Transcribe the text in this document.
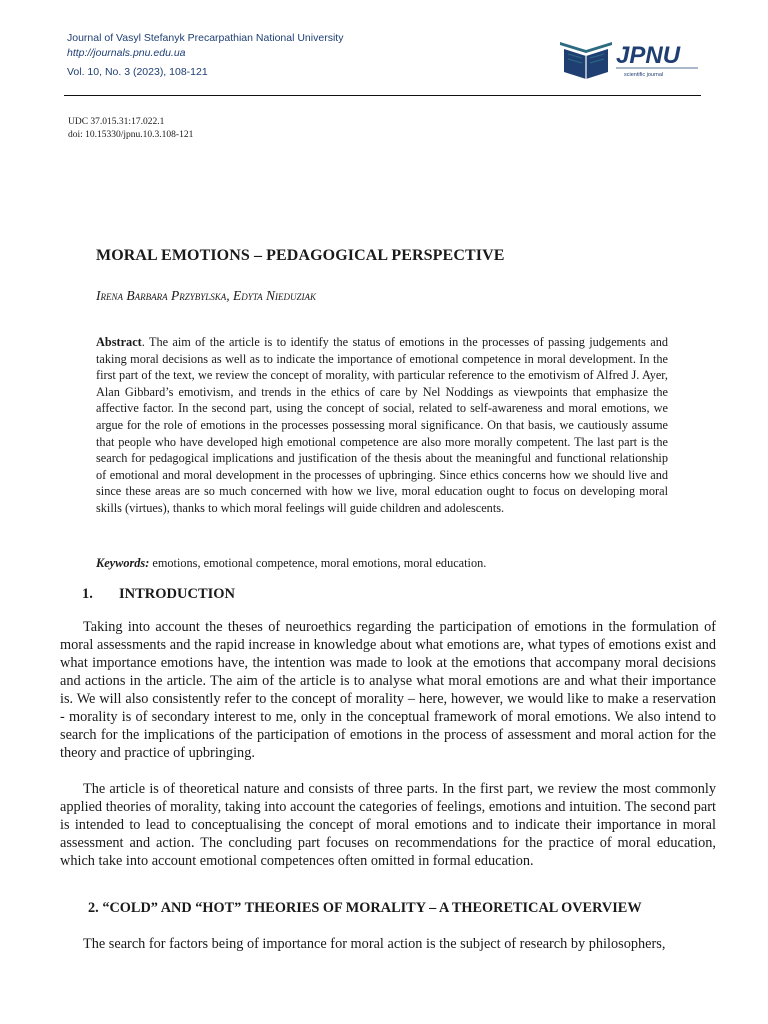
Journal of Vasyl Stefanyk Precarpathian National University
http://journals.pnu.edu.ua
Vol. 10, No. 3 (2023), 108-121
JPNU
scientific journal
UDC 37.015.31:17.022.1
doi: 10.15330/jpnu.10.3.108-121
MORAL EMOTIONS – PEDAGOGICAL PERSPECTIVE
Irena Barbara Przybylska, Edyta Nieduziak

Abstract. The aim of the article is to identify the status of emotions in the processes of passing judgements and taking moral decisions as well as to indicate the importance of emotional competence in moral development. In the first part of the text, we review the concept of morality, with particular reference to the emotivism of Alfred J. Ayer, Alan Gibbard’s emotivism, and trends in the ethics of care by Nel Noddings as viewpoints that emphasize the affective factor. In the second part, using the concept of social, related to self-awareness and moral emotions, we argue for the role of emotions in the processes possessing moral significance. On that basis, we cautiously assume that people who have developed high emotional competence are also more morally competent. The last part is the search for pedagogical implications and justification of the thesis about the meaningful and functional relationship of emotional and moral development in the processes of upbringing. Since ethics concerns how we should live and since these areas are so much concerned with how we live, moral education ought to focus on developing moral skills (virtues), thanks to which moral feelings will guide children and adolescents.

Keywords: emotions, emotional competence, moral emotions, moral education.
1. INTRODUCTION

Taking into account the theses of neuroethics regarding the participation of emotions in the formulation of moral assessments and the rapid increase in knowledge about what emotions are, what types of emotions exist and what importance emotions have, the intention was made to look at the emotions that accompany moral decisions and actions in the article. The aim of the article is to analyse what moral emotions are and what their importance is. We will also consistently refer to the concept of morality – here, however, we would like to make a reservation - morality is of secondary interest to me, only in the conceptual framework of moral emotions. We also intend to search for the implications of the participation of emotions in the process of assessment and moral action for the theory and practice of upbringing.

The article is of theoretical nature and consists of three parts. In the first part, we review the most commonly applied theories of morality, taking into account the categories of feelings, emotions and intuition. The second part is intended to lead to conceptualising the concept of moral emotions and to indicate their importance in moral assessment and action. The concluding part focuses on recommendations for the practice of moral education, which take into account emotional competences often omitted in formal education.

2. “COLD” AND “HOT” THEORIES OF MORALITY – A THEORETICAL OVERVIEW

The search for factors being of importance for moral action is the subject of research by philosophers,
